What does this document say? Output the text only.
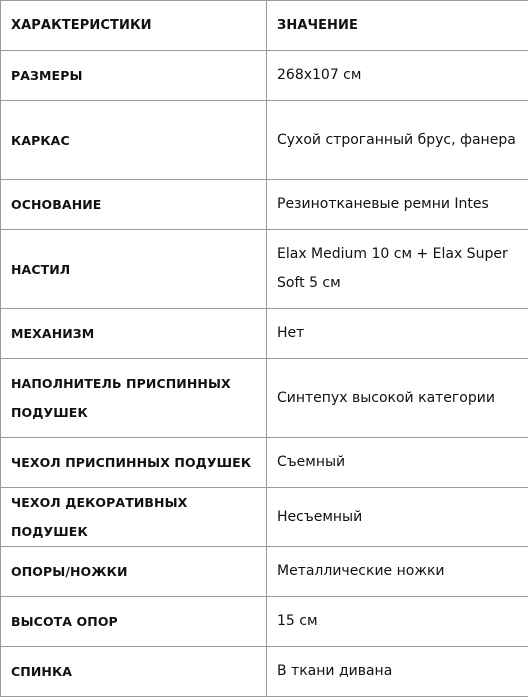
ХАРАКТЕРИСТИКИ	ЗНАЧЕНИЕ
РАЗМЕРЫ	268х107 см
КАРКАС	Сухой строганный брус, фанера
ОСНОВАНИЕ	Резинотканевые ремни Intes
НАСТИЛ	Elax Medium 10 см + Elax Super Soft 5 см
МЕХАНИЗМ	Нет
НАПОЛНИТЕЛЬ ПРИСПИННЫХ ПОДУШЕК	Синтепух высокой категории
ЧЕХОЛ ПРИСПИННЫХ ПОДУШЕК	Съемный
ЧЕХОЛ ДЕКОРАТИВНЫХ ПОДУШЕК	Несъемный
ОПОРЫ/НОЖКИ	Металлические ножки
ВЫСОТА ОПОР	15 см
СПИНКА	В ткани дивана
